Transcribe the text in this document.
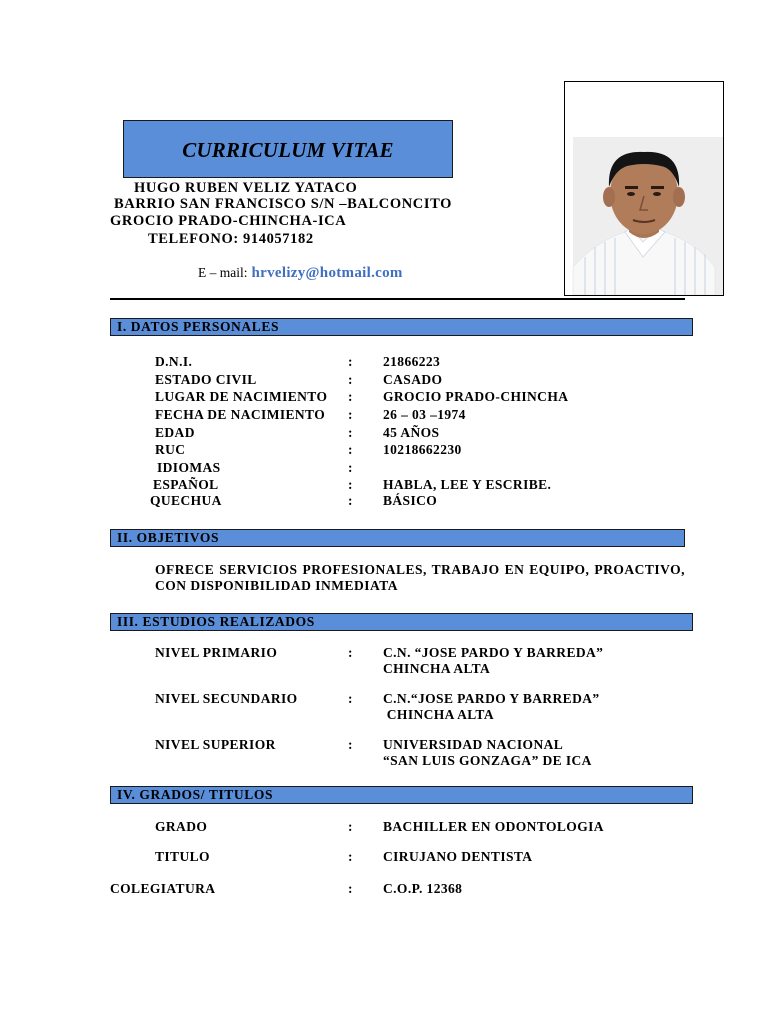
CURRICULUM VITAE
HUGO RUBEN VELIZ YATACO
BARRIO SAN FRANCISCO S/N –BALCONCITO
GROCIO PRADO-CHINCHA-ICA
TELEFONO: 914057182
E – mail: hrvelizy@hotmail.com
I. DATOS PERSONALES
D.N.I.	: 21866223
ESTADO CIVIL	: CASADO
LUGAR DE NACIMIENTO : GROCIO PRADO-CHINCHA
FECHA DE NACIMIENTO : 26 – 03 –1974
EDAD	: 45 AÑOS
RUC	: 10218662230
IDIOMAS	:
ESPAÑOL	: HABLA, LEE Y ESCRIBE.
QUECHUA	: BÁSICO
II. OBJETIVOS
OFRECE SERVICIOS PROFESIONALES, TRABAJO EN EQUIPO, PROACTIVO, CON DISPONIBILIDAD INMEDIATA
III. ESTUDIOS REALIZADOS
NIVEL PRIMARIO	: C.N. “JOSE PARDO Y BARREDA”
CHINCHA ALTA
NIVEL SECUNDARIO	: C.N.“JOSE PARDO Y BARREDA”
CHINCHA ALTA
NIVEL SUPERIOR	: UNIVERSIDAD NACIONAL
“SAN LUIS GONZAGA” DE ICA
IV. GRADOS/ TITULOS
GRADO	: BACHILLER EN ODONTOLOGIA
TITULO	: CIRUJANO DENTISTA
COLEGIATURA	: C.O.P. 12368
